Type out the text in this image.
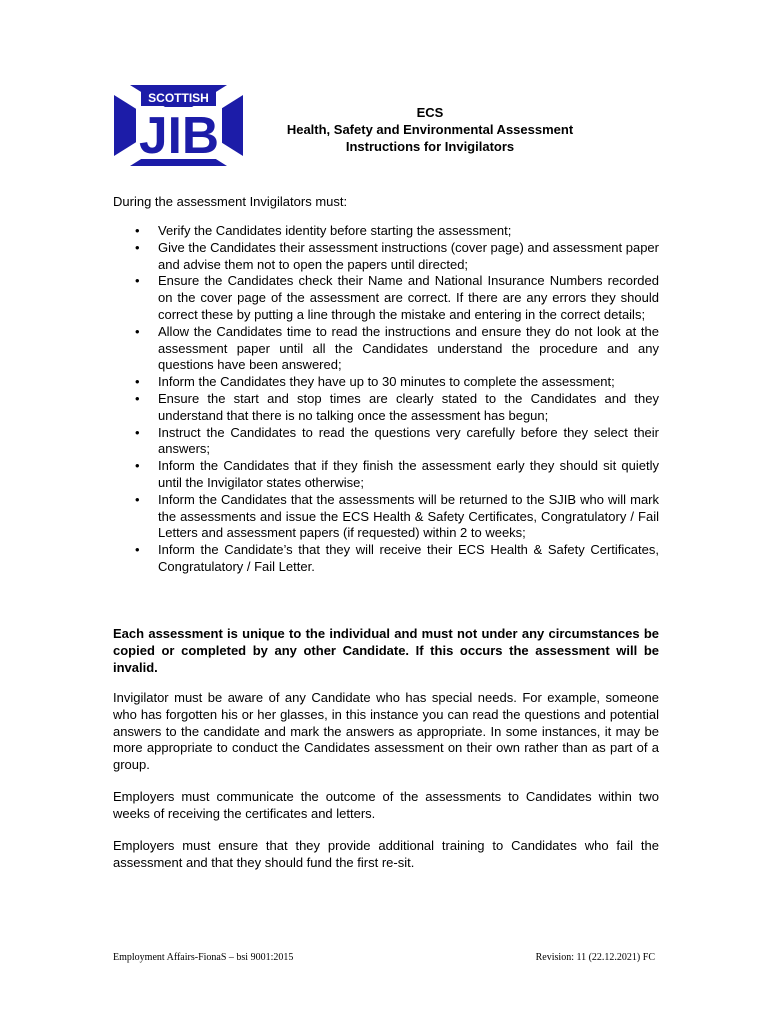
SCOTTISH
JIB	ECS
Health, Safety and Environmental Assessment
Instructions for Invigilators
During the assessment Invigilators must:
• Verify the Candidates identity before starting the assessment;
• Give the Candidates their assessment instructions (cover page) and assessment paper and advise them not to open the papers until directed;
• Ensure the Candidates check their Name and National Insurance Numbers recorded on the cover page of the assessment are correct. If there are any errors they should correct these by putting a line through the mistake and entering in the correct details;
• Allow the Candidates time to read the instructions and ensure they do not look at the assessment paper until all the Candidates understand the procedure and any questions have been answered;
• Inform the Candidates they have up to 30 minutes to complete the assessment;
• Ensure the start and stop times are clearly stated to the Candidates and they understand that there is no talking once the assessment has begun;
• Instruct the Candidates to read the questions very carefully before they select their answers;
• Inform the Candidates that if they finish the assessment early they should sit quietly until the Invigilator states otherwise;
• Inform the Candidates that the assessments will be returned to the SJIB who will mark the assessments and issue the ECS Health & Safety Certificates, Congratulatory / Fail Letters and assessment papers (if requested) within 2 to weeks;
• Inform the Candidate’s that they will receive their ECS Health & Safety Certificates, Congratulatory / Fail Letter.

Each assessment is unique to the individual and must not under any circumstances be copied or completed by any other Candidate. If this occurs the assessment will be invalid.

Invigilator must be aware of any Candidate who has special needs. For example, someone who has forgotten his or her glasses, in this instance you can read the questions and potential answers to the candidate and mark the answers as appropriate. In some instances, it may be more appropriate to conduct the Candidates assessment on their own rather than as part of a group.

Employers must communicate the outcome of the assessments to Candidates within two weeks of receiving the certificates and letters.

Employers must ensure that they provide additional training to Candidates who fail the assessment and that they should fund the first re-sit.

Employment Affairs-FionaS – bsi 9001:2015	Revision: 11 (22.12.2021) FC
